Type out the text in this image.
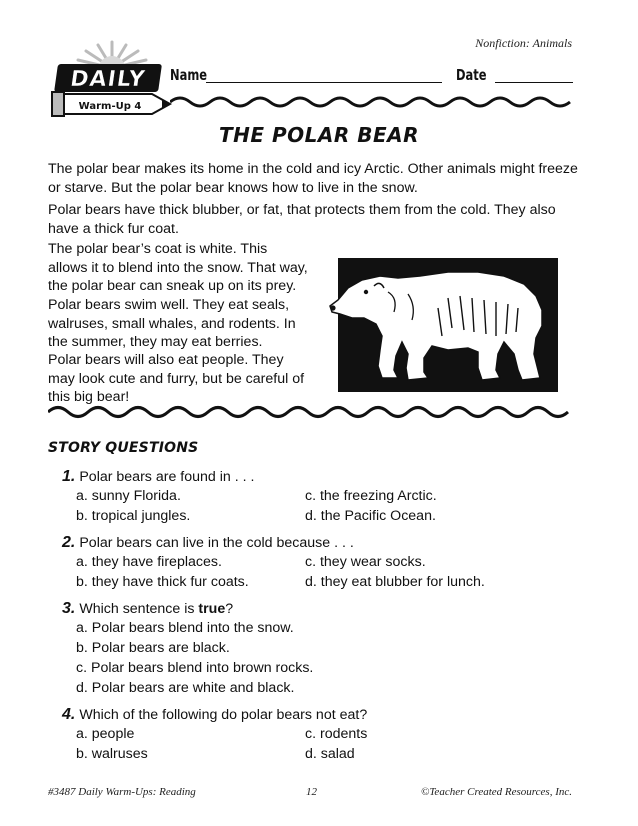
Nonfiction: Animals
DAILY
Warm-Up 4
Name	Date
THE POLAR BEAR

The polar bear makes its home in the cold and icy Arctic. Other animals might freeze or starve. But the polar bear knows how to live in the snow.

Polar bears have thick blubber, or fat, that protects them from the cold. They also have a thick fur coat.

The polar bear’s coat is white. This allows it to blend into the snow. That way, the polar bear can sneak up on its prey.

Polar bears swim well. They eat seals, walruses, small whales, and rodents. In the summer, they may eat berries.

Polar bears will also eat people. They may look cute and furry, but be careful of this big bear!

STORY QUESTIONS
1. Polar bears are found in . . .
a. sunny Florida.	c. the freezing Arctic.
b. tropical jungles.	d. the Pacific Ocean.
2. Polar bears can live in the cold because . . .
a. they have fireplaces.	c. they wear socks.
b. they have thick fur coats.	d. they eat blubber for lunch.
3. Which sentence is true?
a. Polar bears blend into the snow.
b. Polar bears are black.
c. Polar bears blend into brown rocks.
d. Polar bears are white and black.
4. Which of the following do polar bears not eat?
a. people	c. rodents
b. walruses	d. salad
#3487 Daily Warm-Ups: Reading	12	©Teacher Created Resources, Inc.
